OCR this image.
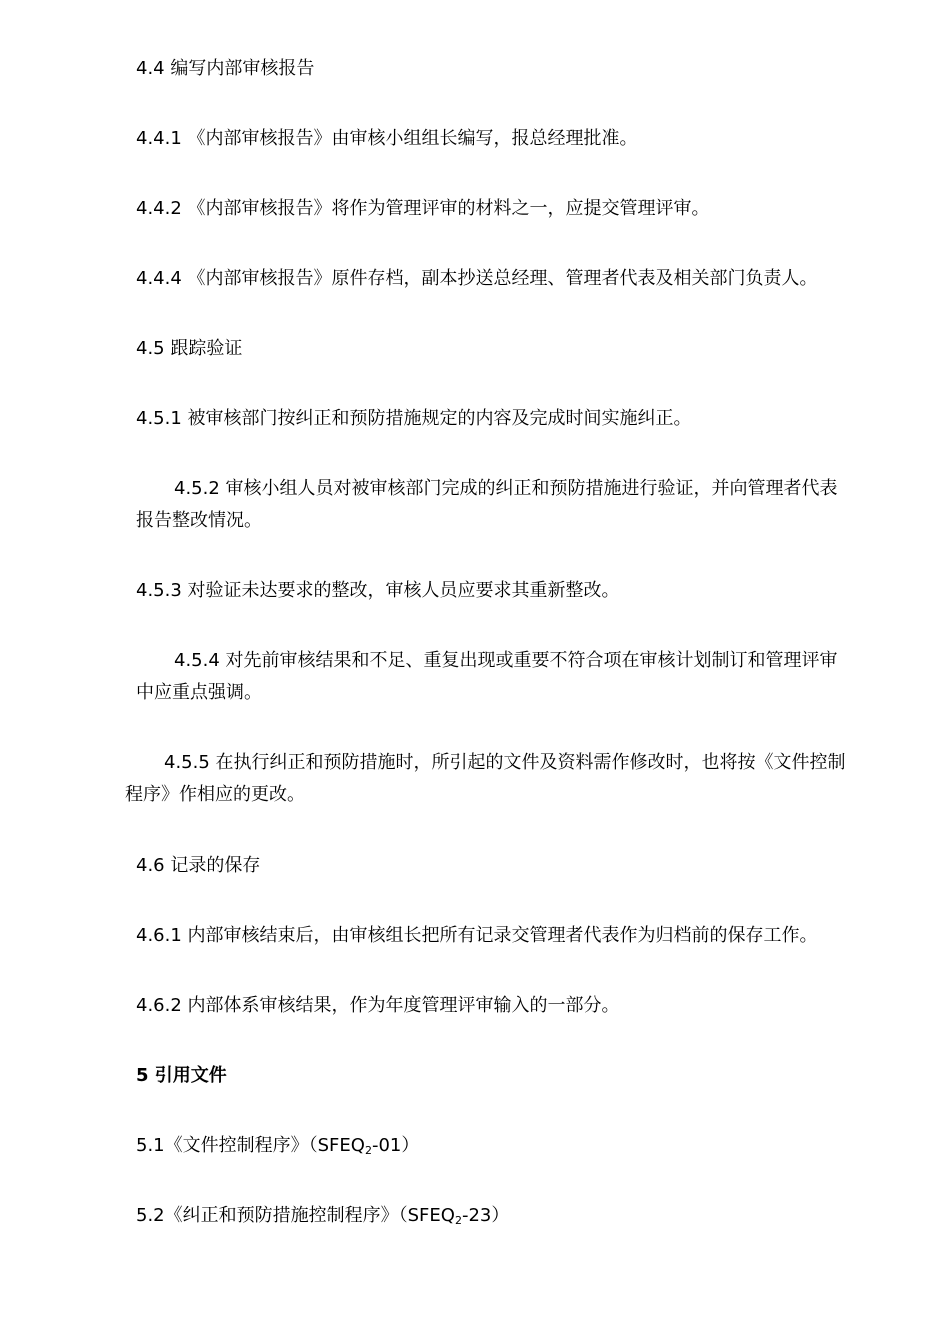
4.4 编写内部审核报告

4.4.1 《内部审核报告》由审核小组组长编写，报总经理批准。

4.4.2 《内部审核报告》将作为管理评审的材料之一，应提交管理评审。

4.4.4 《内部审核报告》原件存档，副本抄送总经理、管理者代表及相关部门负责人。

4.5 跟踪验证

4.5.1 被审核部门按纠正和预防措施规定的内容及完成时间实施纠正。

4.5.2 审核小组人员对被审核部门完成的纠正和预防措施进行验证，并向管理者代表

报告整改情况。

4.5.3 对验证未达要求的整改，审核人员应要求其重新整改。

4.5.4 对先前审核结果和不足、重复出现或重要不符合项在审核计划制订和管理评审

中应重点强调。

4.5.5 在执行纠正和预防措施时，所引起的文件及资料需作修改时，也将按《文件控制

程序》作相应的更改。

4.6 记录的保存

4.6.1 内部审核结束后，由审核组长把所有记录交管理者代表作为归档前的保存工作。

4.6.2 内部体系审核结果，作为年度管理评审输入的一部分。

5 引用文件

5.1《文件控制程序》$(SFEQ_2-01)$

5.2《纠正和预防措施控制程序》$(SFEQ_2-23)$
